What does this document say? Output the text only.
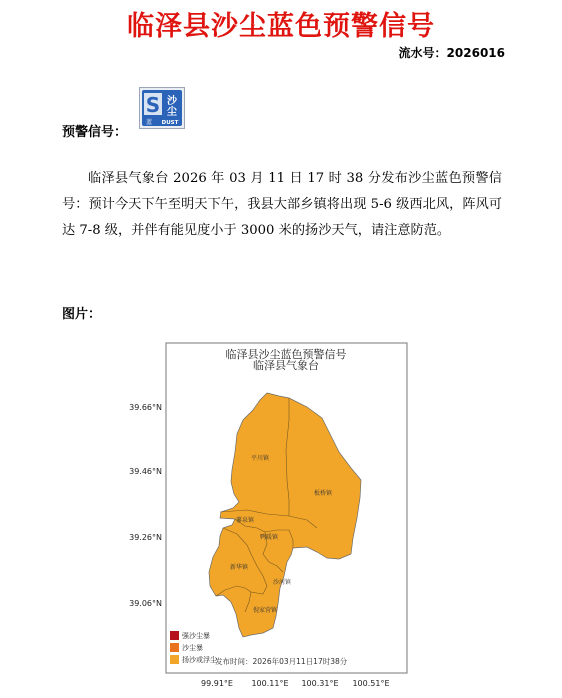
临泽县沙尘蓝色预警信号
流水号：2026016
预警信号：
S 沙
尘
蓝 DUST
临泽县气象台 2026 年 03 月 11 日 17 时 38 分发布沙尘蓝色预警信号：预计今天下午至明天下午，我县大部乡镇将出现 5-6 级西北风，阵风可达 7-8 级，并伴有能见度小于 3000 米的扬沙天气，请注意防范。
图片：
临泽县沙尘蓝色预警信号
临泽县气象台
平川镇
板桥镇
蓼泉镇
鸭暖镇
新华镇
沙河镇
倪家营镇
39.66°N
39.46°N
39.26°N
39.06°N
99.91°E 100.11°E 100.31°E 100.51°E
强沙尘暴
沙尘暴
扬沙或浮尘
发布时间：2026年03月11日17时38分
